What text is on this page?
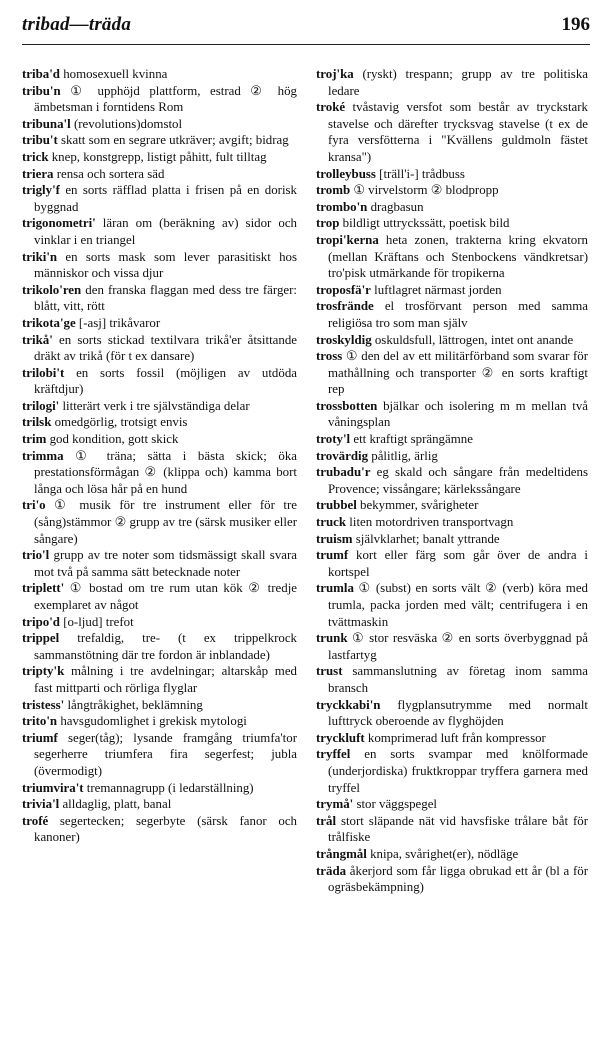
tribad—träda	196
triba'd homosexuell kvinna
tribu'n ① upphöjd plattform, estrad ② hög ämbetsman i forntidens Rom
tribuna'l (revolutions)domstol
tribu't skatt som en segrare utkräver; avgift; bidrag
trick knep, konstgrepp, listigt påhitt, fult tilltag
triera rensa och sortera säd
trigly'f en sorts räfflad platta i frisen på en dorisk byggnad
trigonometri' läran om (beräkning av) sidor och vinklar i en triangel
triki'n en sorts mask som lever parasitiskt hos människor och vissa djur
trikolo'ren den franska flaggan med dess tre färger: blått, vitt, rött
trikota'ge [-asj] trikåvaror
trikå' en sorts stickad textilvara trikå'er åtsittande dräkt av trikå (för t ex dansare)
trilobi't en sorts fossil (möjligen av utdöda kräftdjur)
trilogi' litterärt verk i tre självständiga delar
trilsk omedgörlig, trotsigt envis
trim god kondition, gott skick
trimma ① träna; sätta i bästa skick; öka prestationsförmågan ② (klippa och) kamma bort långa och lösa hår på en hund
tri'o ① musik för tre instrument eller för tre (sång)stämmor ② grupp av tre (särsk musiker eller sångare)
trio'l grupp av tre noter som tidsmässigt skall svara mot två på samma sätt betecknade noter
triplett' ① bostad om tre rum utan kök ② tredje exemplaret av något
tripo'd [o-ljud] trefot
trippel trefaldig, tre- (t ex trippelkrock sammanstötning där tre fordon är inblandade)
tripty'k målning i tre avdelningar; altarskåp med fast mittparti och rörliga flyglar
tristess' långtråkighet, beklämning
trito'n havsgudomlighet i grekisk mytologi
triumf seger(tåg); lysande framgång triumfa'tor segerherre triumfera fira segerfest; jubla (övermodigt)
triumvira't tremannagrupp (i ledarställning)
trivia'l alldaglig, platt, banal
trofé segertecken; segerbyte (särsk fanor och kanoner)
troj'ka (ryskt) trespann; grupp av tre politiska ledare
troké tvåstavig versfot som består av tryckstark stavelse och därefter trycksvag stavelse (t ex de fyra versfötterna i "Kvällens guldmoln fästet kransa")
trolleybuss [träll'i-] trådbuss
tromb ① virvelstorm ② blodpropp
trombo'n dragbasun
trop bildligt uttryckssätt, poetisk bild
tropi'kerna heta zonen, trakterna kring ekvatorn (mellan Kräftans och Stenbockens vändkretsar) tro'pisk utmärkande för tropikerna
troposfä'r luftlagret närmast jorden
trosfrände el trosförvant person med samma religiösa tro som man själv
troskyldig oskuldsfull, lättrogen, intet ont anande
tross ① den del av ett militärförband som svarar för mathållning och transporter ② en sorts kraftigt rep
trossbotten bjälkar och isolering m m mellan två våningsplan
troty'l ett kraftigt sprängämne
trovärdig pålitlig, ärlig
trubadu'r eg skald och sångare från medeltidens Provence; vissångare; kärlekssångare
trubbel bekymmer, svårigheter
truck liten motordriven transportvagn
truism självklarhet; banalt yttrande
trumf kort eller färg som går över de andra i kortspel
trumla ① (subst) en sorts vält ② (verb) köra med trumla, packa jorden med vält; centrifugera i en tvättmaskin
trunk ① stor resväska ② en sorts överbyggnad på lastfartyg
trust sammanslutning av företag inom samma bransch
tryckkabi'n flygplansutrymme med normalt lufttryck oberoende av flyghöjden
tryckluft komprimerad luft från kompressor
tryffel en sorts svampar med knölformade (underjordiska) fruktkroppar tryffera garnera med tryffel
trymå' stor väggspegel
trål stort släpande nät vid havsfiske trålare båt för trålfiske
trångmål knipa, svårighet(er), nödläge
träda åkerjord som får ligga obrukad ett år (bl a för ogräsbekämpning)
